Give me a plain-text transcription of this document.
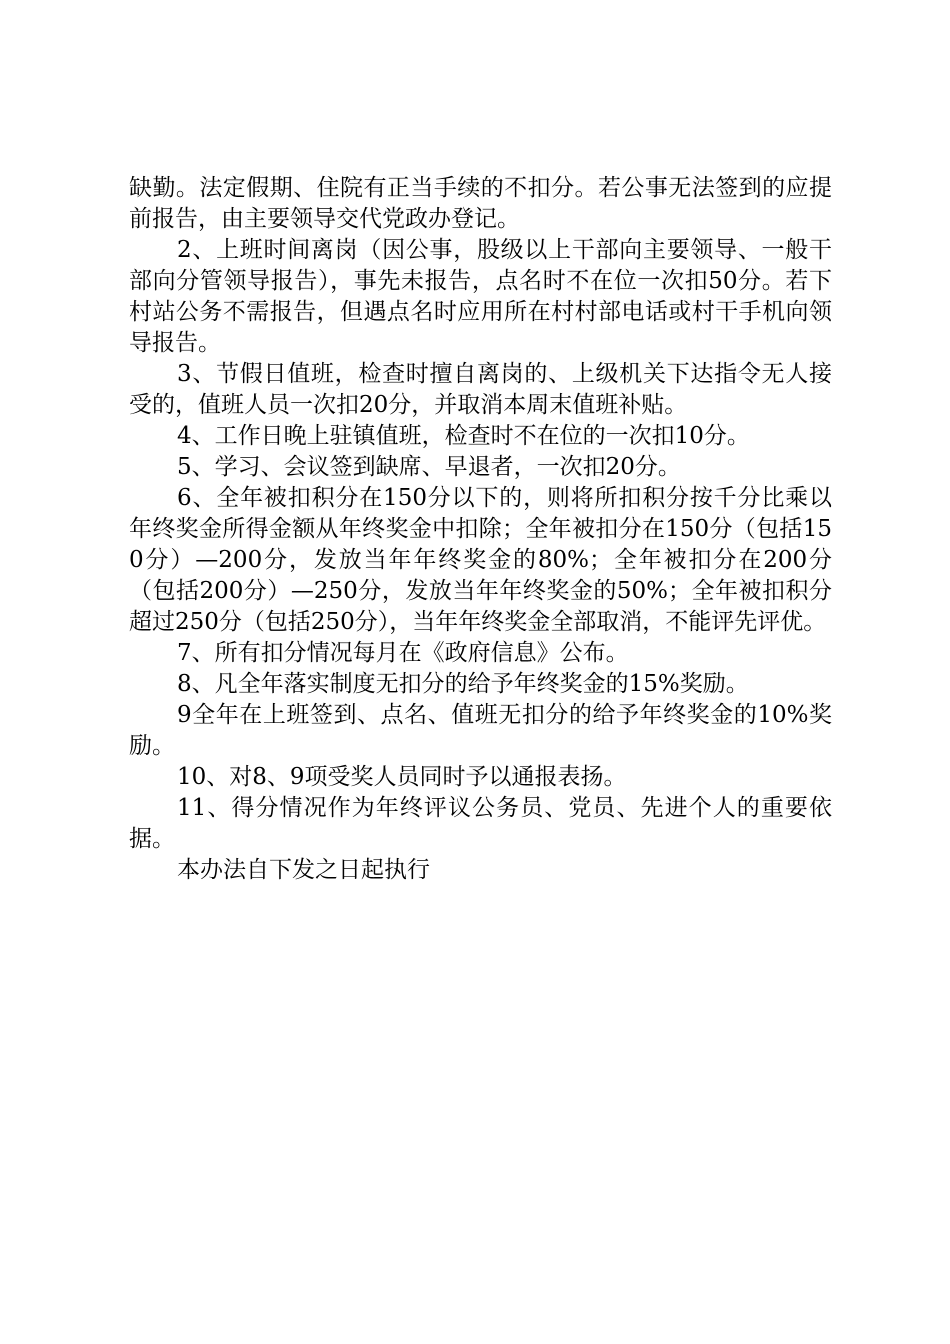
缺勤。法定假期、住院有正当手续的不扣分。若公事无法签到的应提前报告，由主要领导交代党政办登记。

2、上班时间离岗（因公事，股级以上干部向主要领导、一般干部向分管领导报告），事先未报告，点名时不在位一次扣50分。若下村站公务不需报告，但遇点名时应用所在村村部电话或村干手机向领导报告。

3、节假日值班，检查时擅自离岗的、上级机关下达指令无人接受的，值班人员一次扣20分，并取消本周末值班补贴。

4、工作日晚上驻镇值班，检查时不在位的一次扣10分。

5、学习、会议签到缺席、早退者，一次扣20分。

6、全年被扣积分在150分以下的，则将所扣积分按千分比乘以年终奖金所得金额从年终奖金中扣除；全年被扣分在150分（包括150分）—200分，发放当年年终奖金的80%；全年被扣分在200分（包括200分）—250分，发放当年年终奖金的50%；全年被扣积分超过250分（包括250分），当年年终奖金全部取消，不能评先评优。

7、所有扣分情况每月在《政府信息》公布。

8、凡全年落实制度无扣分的给予年终奖金的15%奖励。

9全年在上班签到、点名、值班无扣分的给予年终奖金的10%奖励。

10、对8、9项受奖人员同时予以通报表扬。

11、得分情况作为年终评议公务员、党员、先进个人的重要依据。

本办法自下发之日起执行
